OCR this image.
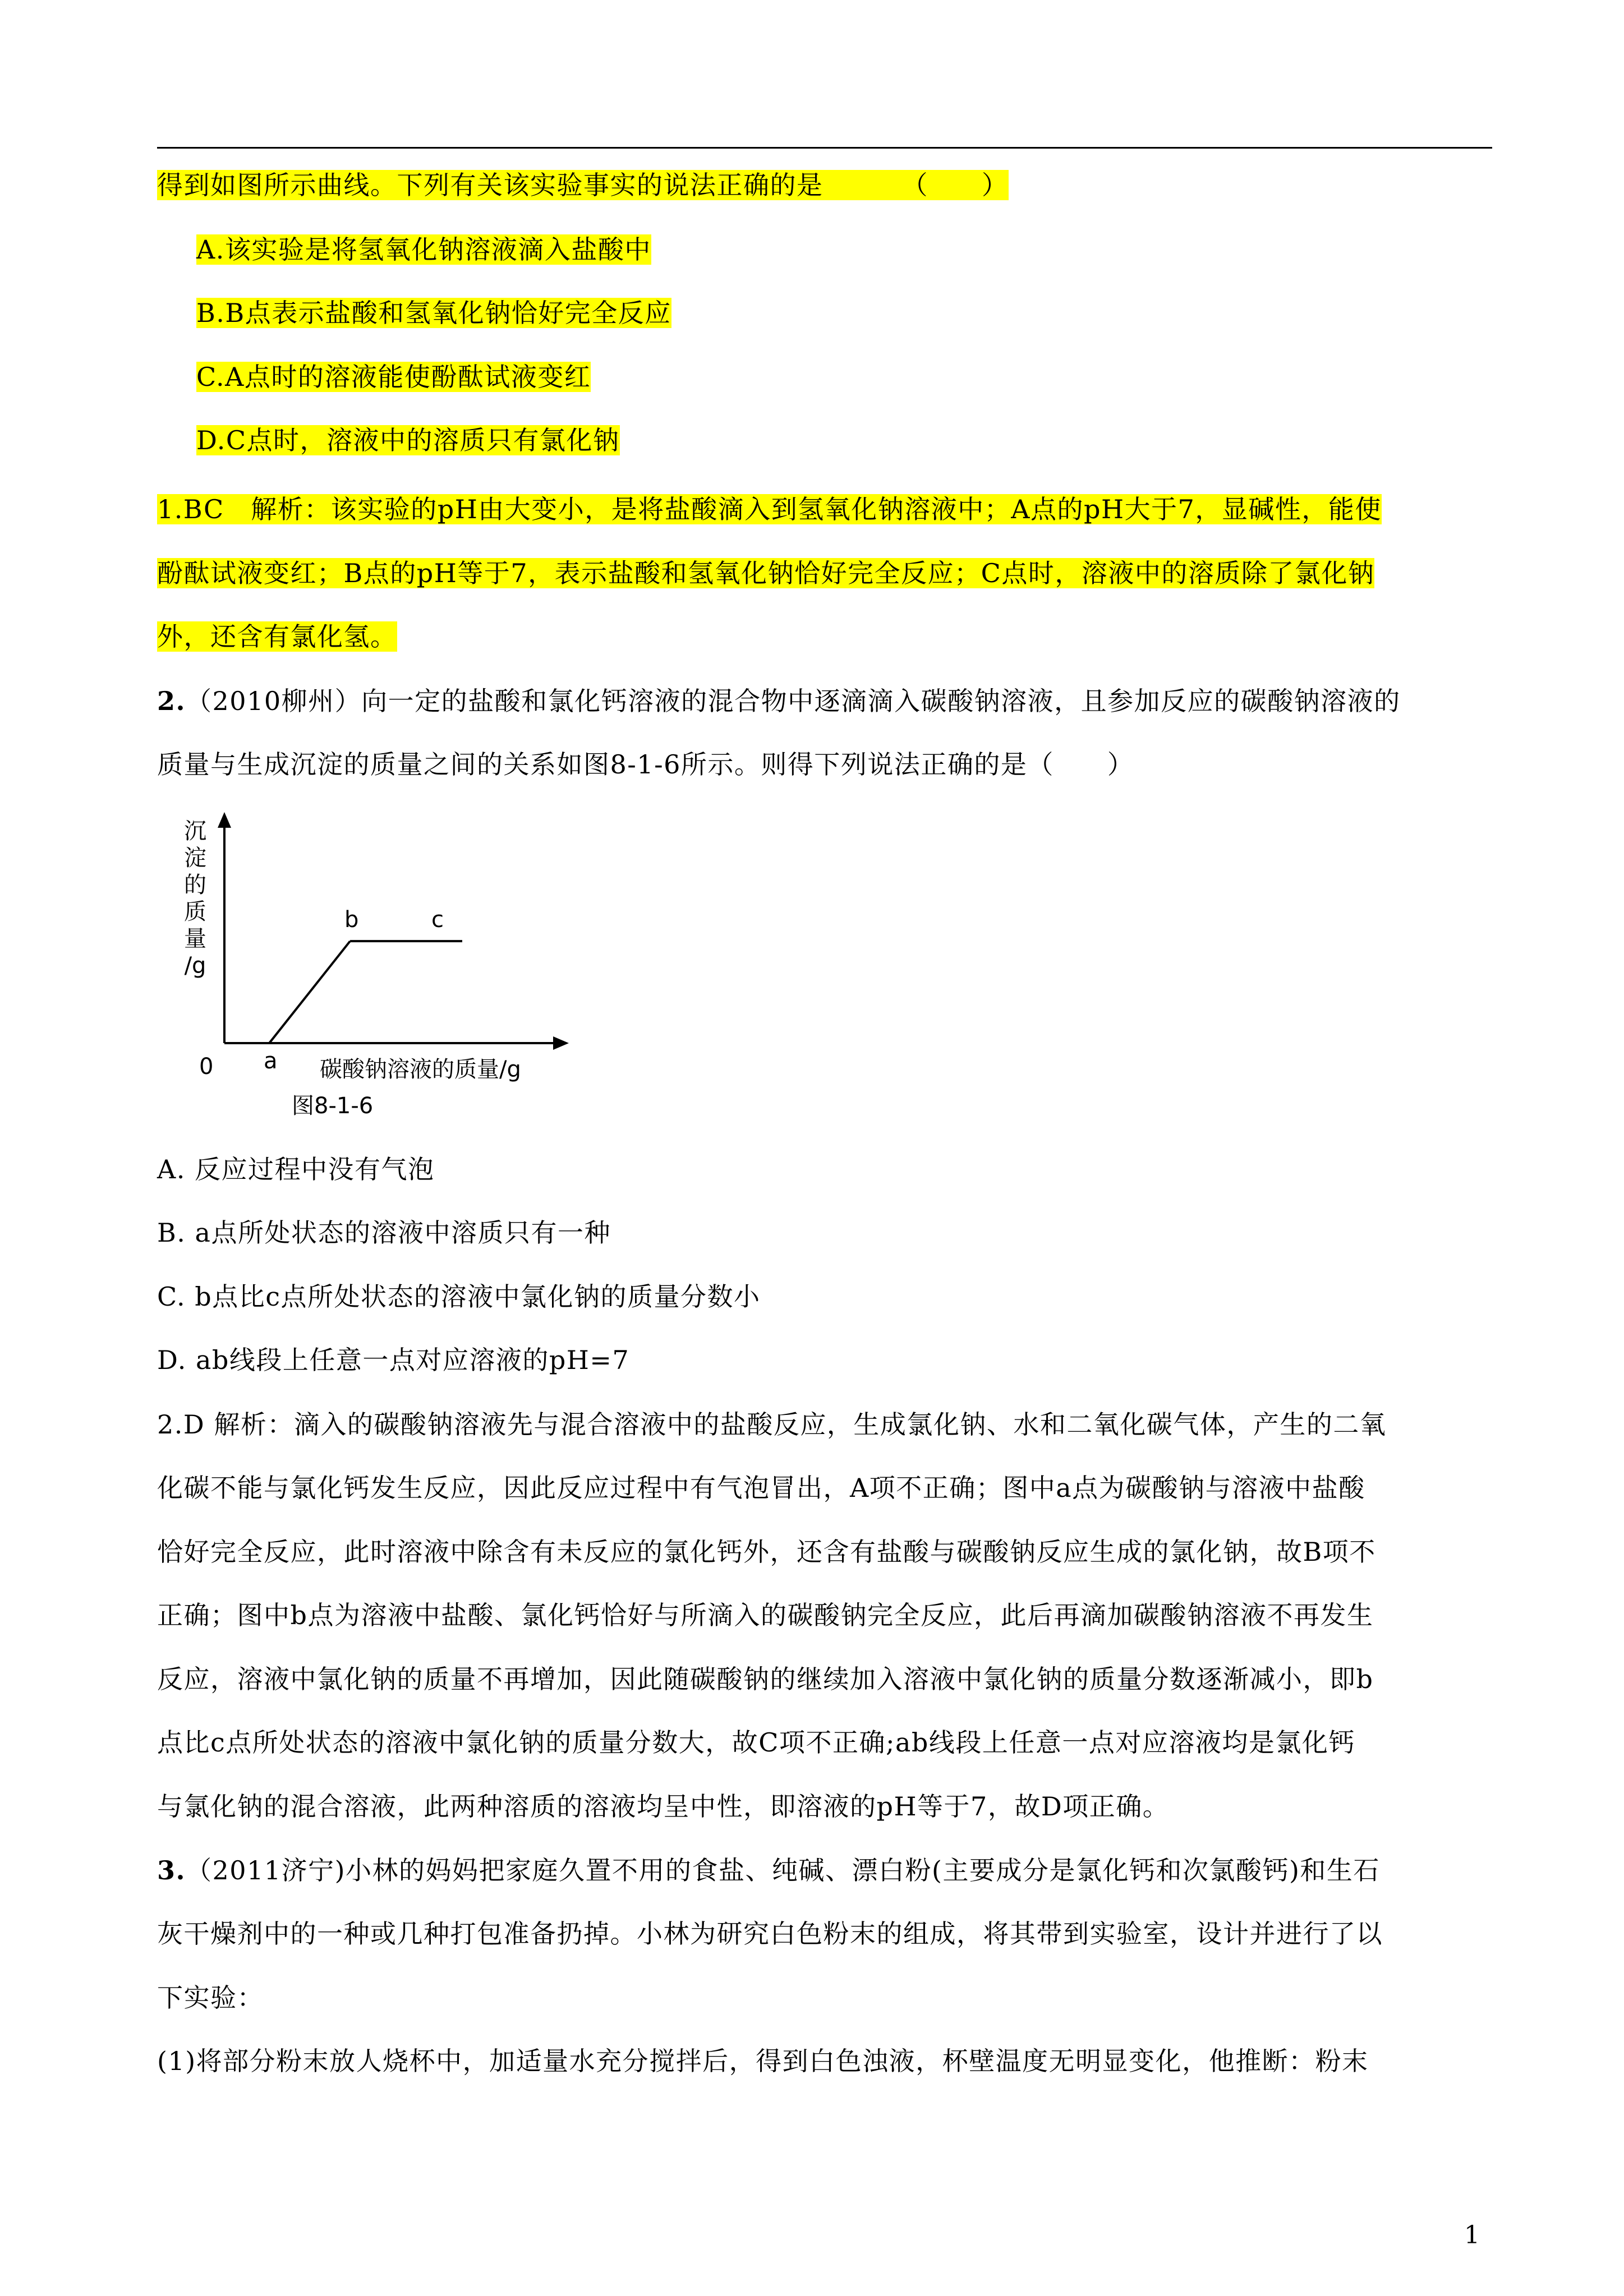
得到如图所示曲线。下列有关该实验事实的说法正确的是	（　　）
A.该实验是将氢氧化钠溶液滴入盐酸中
B.B点表示盐酸和氢氧化钠恰好完全反应
C.A点时的溶液能使酚酞试液变红
D.C点时，溶液中的溶质只有氯化钠
1.BC　解析：该实验的pH由大变小，是将盐酸滴入到氢氧化钠溶液中；A点的pH大于7，显碱性，能使
酚酞试液变红；B点的pH等于7，表示盐酸和氢氧化钠恰好完全反应；C点时，溶液中的溶质除了氯化钠
外，还含有氯化氢。
2.（2010柳州）向一定的盐酸和氯化钙溶液的混合物中逐滴滴入碳酸钠溶液，且参加反应的碳酸钠溶液的
质量与生成沉淀的质量之间的关系如图8-1-6所示。则得下列说法正确的是（　　）
沉
淀
的
质
量
/g
0 a
b	c
碳酸钠溶液的质量/g
图8-1-6
A. 反应过程中没有气泡
B. a点所处状态的溶液中溶质只有一种
C. b点比c点所处状态的溶液中氯化钠的质量分数小
D. ab线段上任意一点对应溶液的pH=7
2.D 解析：滴入的碳酸钠溶液先与混合溶液中的盐酸反应，生成氯化钠、水和二氧化碳气体，产生的二氧
化碳不能与氯化钙发生反应，因此反应过程中有气泡冒出，A项不正确；图中a点为碳酸钠与溶液中盐酸
恰好完全反应，此时溶液中除含有未反应的氯化钙外，还含有盐酸与碳酸钠反应生成的氯化钠，故B项不
正确；图中b点为溶液中盐酸、氯化钙恰好与所滴入的碳酸钠完全反应，此后再滴加碳酸钠溶液不再发生
反应，溶液中氯化钠的质量不再增加，因此随碳酸钠的继续加入溶液中氯化钠的质量分数逐渐减小，即b
点比c点所处状态的溶液中氯化钠的质量分数大，故C项不正确;ab线段上任意一点对应溶液均是氯化钙
与氯化钠的混合溶液，此两种溶质的溶液均呈中性，即溶液的pH等于7，故D项正确。
3.（2011济宁)小林的妈妈把家庭久置不用的食盐、纯碱、漂白粉(主要成分是氯化钙和次氯酸钙)和生石
灰干燥剂中的一种或几种打包准备扔掉。小林为研究白色粉末的组成，将其带到实验室，设计并进行了以
下实验：
(1)将部分粉末放人烧杯中，加适量水充分搅拌后，得到白色浊液，杯壁温度无明显变化，他推断：粉末
1
